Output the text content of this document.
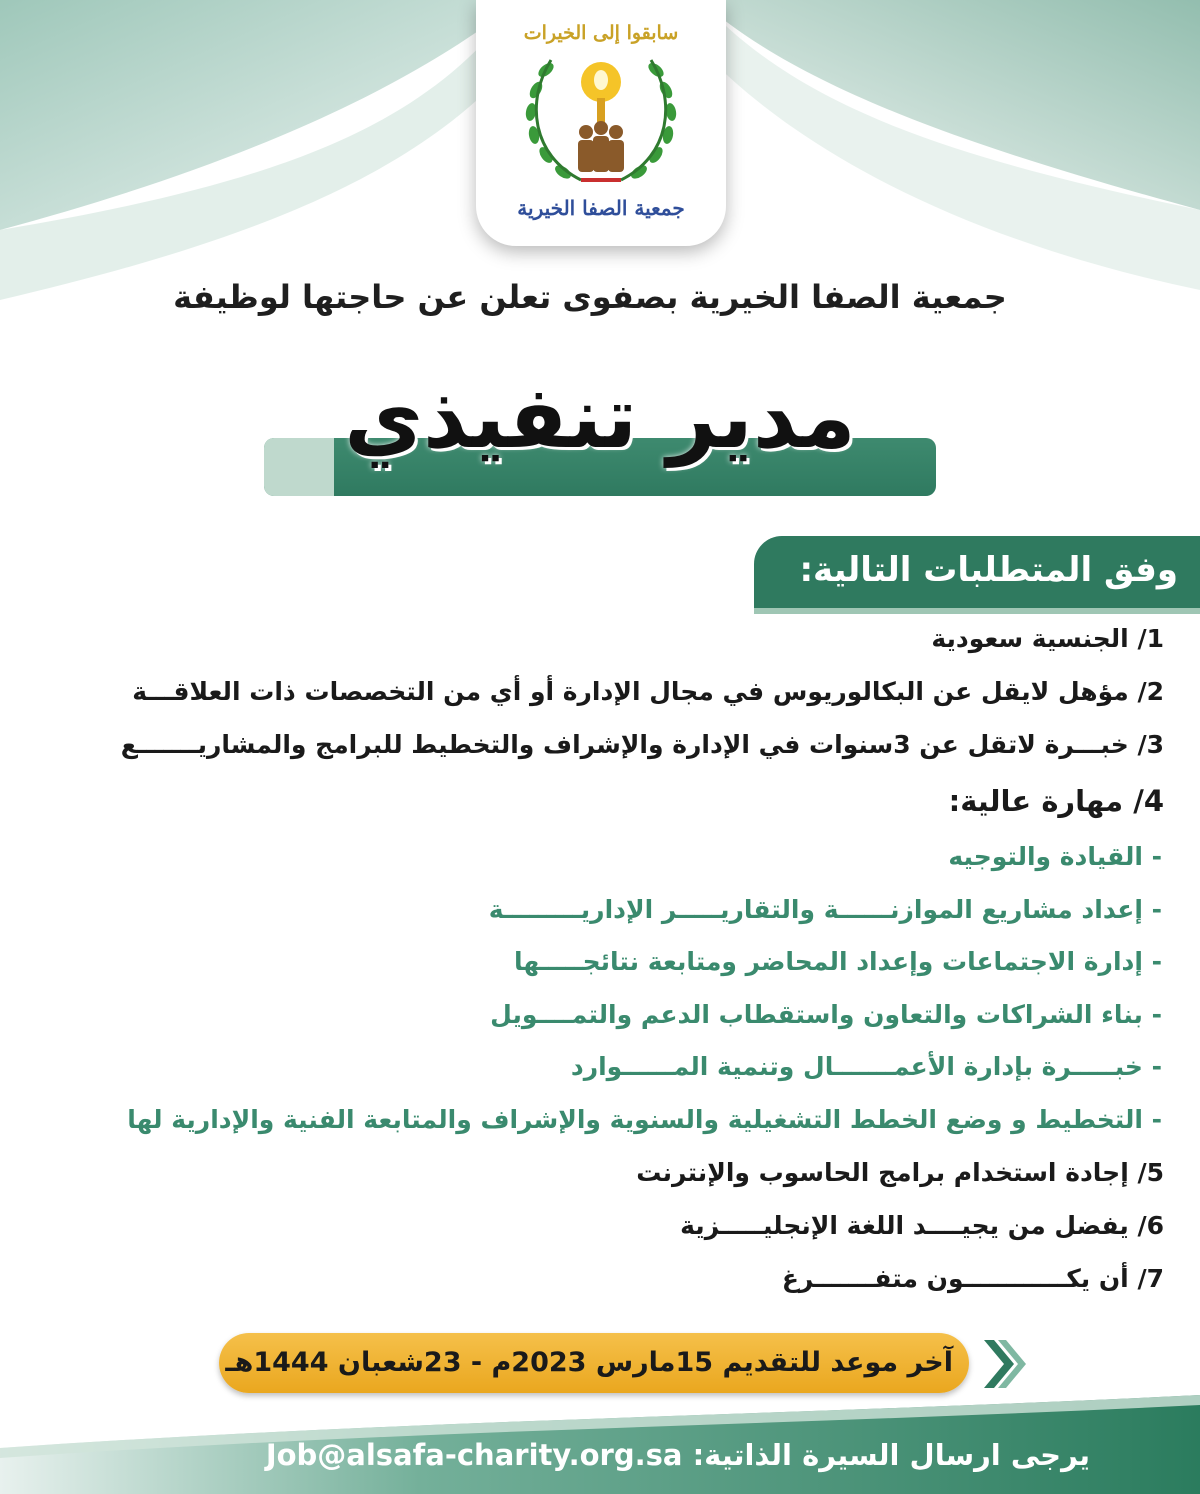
سابقوا إلى الخيرات
جمعية الصفا الخيرية
جمعية الصفا الخيرية بصفوى تعلن عن حاجتها لوظيفة
مدير تنفيذي
وفق المتطلبات التالية:
1/ الجنسية سعودية
2/ مؤهل لايقل عن البكالوريوس في مجال الإدارة أو أي من التخصصات ذات العلاقـــة
3/ خبـــرة لاتقل عن 3سنوات في الإدارة والإشراف والتخطيط للبرامج والمشاريـــــــع
4/ مهارة عالية:
- القيادة والتوجيه
- إعداد مشاريع الموازنــــــة والتقاريـــــر الإداريـــــــــة
- إدارة الاجتماعات وإعداد المحاضر ومتابعة نتائجـــــها
- بناء الشراكات والتعاون واستقطاب الدعم والتمــــويل
- خبـــــرة بإدارة الأعمـــــــال وتنمية المــــــوارد
- التخطيط و وضع الخطط التشغيلية والسنوية والإشراف والمتابعة الفنية والإدارية لها
5/ إجادة استخدام برامج الحاسوب والإنترنت
6/ يفضل من يجيــــد اللغة الإنجليـــــزية
7/ أن يكــــــــــــون متفـــــــرغ
آخر موعد للتقديم 15مارس 2023م - 23شعبان 1444هـ
يرجى ارسال السيرة الذاتية: Job@alsafa-charity.org.sa
